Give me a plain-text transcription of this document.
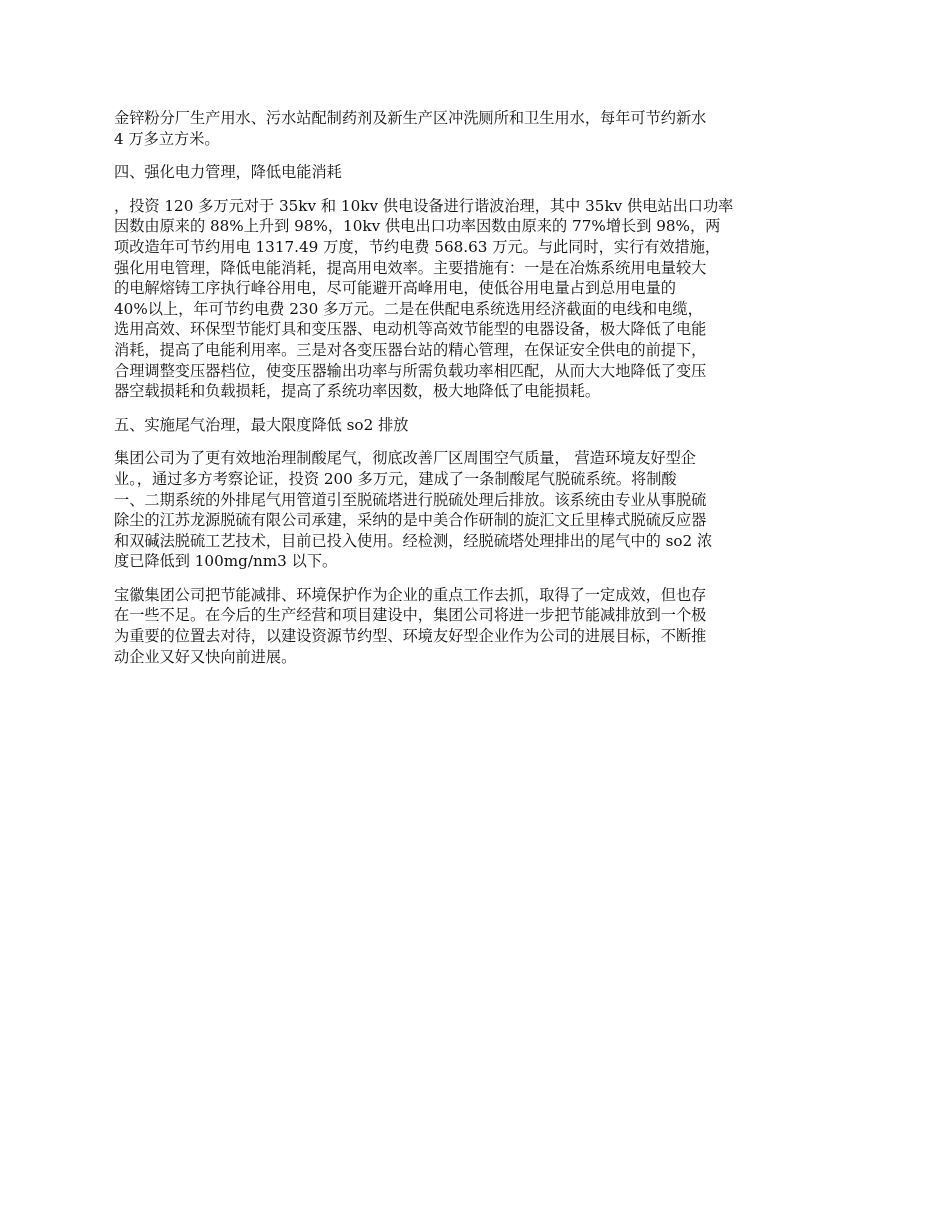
金锌粉分厂生产用水、污水站配制药剂及新生产区冲洗厕所和卫生用水，每年可节约新水
4 万多立方米。
四、强化电力管理，降低电能消耗
，投资 120 多万元对于 35kv 和 10kv 供电设备进行谐波治理，其中 35kv 供电站出口功率
因数由原来的 88%上升到 98%，10kv 供电出口功率因数由原来的 77%增长到 98%，两
项改造年可节约用电 1317.49 万度，节约电费 568.63 万元。与此同时，实行有效措施，
强化用电管理，降低电能消耗，提高用电效率。主要措施有：一是在冶炼系统用电量较大
的电解熔铸工序执行峰谷用电，尽可能避开高峰用电，使低谷用电量占到总用电量的
40%以上，年可节约电费 230 多万元。二是在供配电系统选用经济截面的电线和电缆，
选用高效、环保型节能灯具和变压器、电动机等高效节能型的电器设备，极大降低了电能
消耗，提高了电能利用率。三是对各变压器台站的精心管理，在保证安全供电的前提下，
合理调整变压器档位，使变压器输出功率与所需负载功率相匹配，从而大大地降低了变压
器空载损耗和负载损耗，提高了系统功率因数，极大地降低了电能损耗。
五、实施尾气治理，最大限度降低 so2 排放
集团公司为了更有效地治理制酸尾气，彻底改善厂区周围空气质量， 营造环境友好型企
业。，通过多方考察论证，投资 200 多万元，建成了一条制酸尾气脱硫系统。将制酸
一、二期系统的外排尾气用管道引至脱硫塔进行脱硫处理后排放。该系统由专业从事脱硫
除尘的江苏龙源脱硫有限公司承建，采纳的是中美合作研制的旋汇文丘里棒式脱硫反应器
和双碱法脱硫工艺技术，目前已投入使用。经检测，经脱硫塔处理排出的尾气中的 so2 浓
度已降低到 100mg/nm3 以下。
宝徽集团公司把节能减排、环境保护作为企业的重点工作去抓，取得了一定成效，但也存
在一些不足。在今后的生产经营和项目建设中，集团公司将进一步把节能减排放到一个极
为重要的位置去对待，以建设资源节约型、环境友好型企业作为公司的进展目标，不断推
动企业又好又快向前进展。
